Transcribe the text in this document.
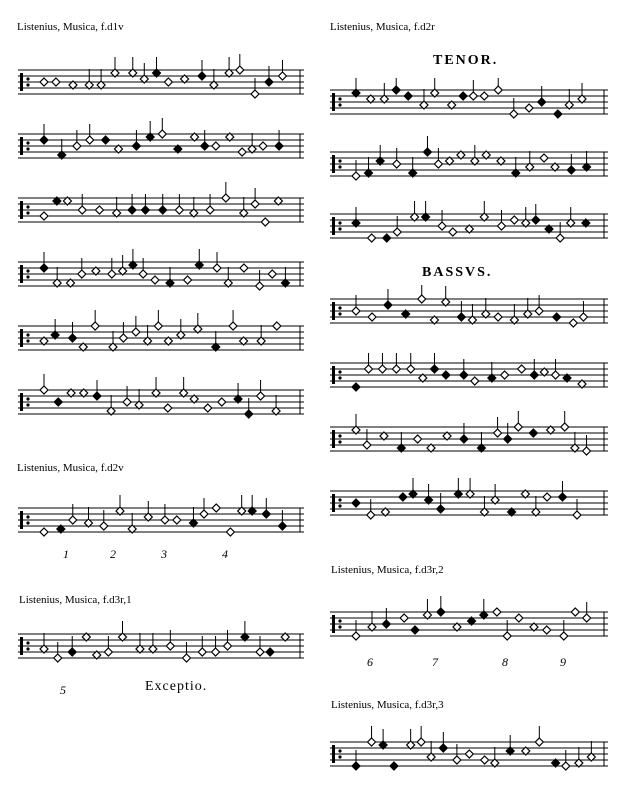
Listenius, Musica, f.d1v	Listenius, Musica, f.d2r
Listenius, Musica, f.d2v
Listenius, Musica, f.d3r,1
Listenius, Musica, f.d3r,2
Listenius, Musica, f.d3r,3
TENOR.
BASSVS.
1	2	3	4
5	Exceptio.
6	7	8	9
